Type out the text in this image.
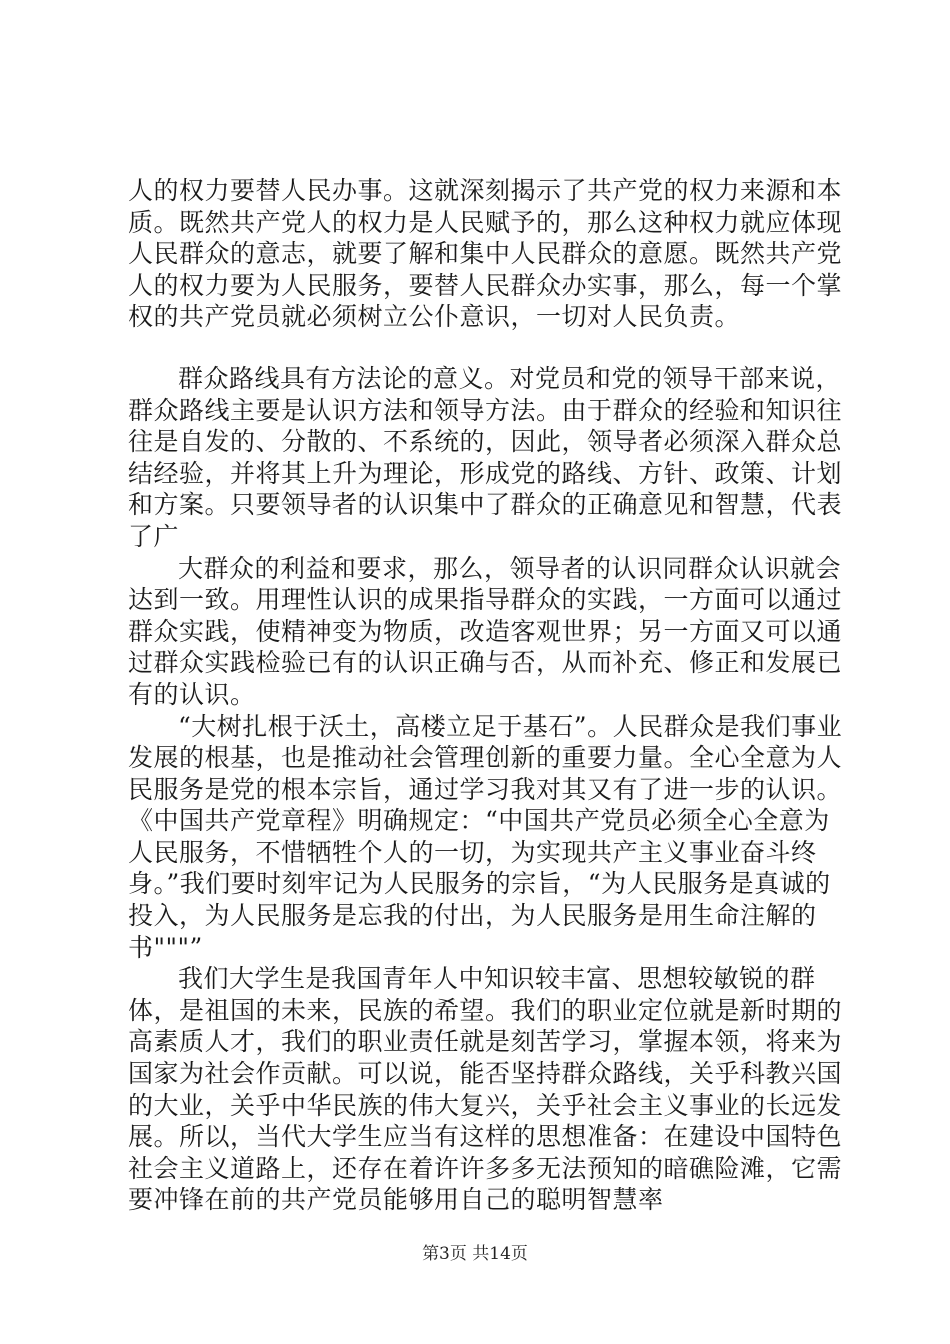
人的权力要替人民办事。这就深刻揭示了共产党的权力来源和本质。既然共产党人的权力是人民赋予的，那么这种权力就应体现人民群众的意志，就要了解和集中人民群众的意愿。既然共产党人的权力要为人民服务，要替人民群众办实事，那么，每一个掌权的共产党员就必须树立公仆意识，一切对人民负责。

群众路线具有方法论的意义。对党员和党的领导干部来说，群众路线主要是认识方法和领导方法。由于群众的经验和知识往往是自发的、分散的、不系统的，因此，领导者必须深入群众总结经验，并将其上升为理论，形成党的路线、方针、政策、计划和方案。只要领导者的认识集中了群众的正确意见和智慧，代表了广

大群众的利益和要求，那么，领导者的认识同群众认识就会达到一致。用理性认识的成果指导群众的实践，一方面可以通过群众实践，使精神变为物质，改造客观世界；另一方面又可以通过群众实践检验已有的认识正确与否，从而补充、修正和发展已有的认识。

“大树扎根于沃土，高楼立足于基石”。人民群众是我们事业发展的根基，也是推动社会管理创新的重要力量。全心全意为人民服务是党的根本宗旨，通过学习我对其又有了进一步的认识。《中国共产党章程》明确规定：“中国共产党员必须全心全意为人民服务，不惜牺牲个人的一切，为实现共产主义事业奋斗终身。”我们要时刻牢记为人民服务的宗旨，“为人民服务是真诚的投入，为人民服务是忘我的付出，为人民服务是用生命注解的书"""”

我们大学生是我国青年人中知识较丰富、思想较敏锐的群体，是祖国的未来，民族的希望。我们的职业定位就是新时期的高素质人才，我们的职业责任就是刻苦学习，掌握本领，将来为国家为社会作贡献。可以说，能否坚持群众路线，关乎科教兴国的大业，关乎中华民族的伟大复兴，关乎社会主义事业的长远发展。所以，当代大学生应当有这样的思想准备：在建设中国特色社会主义道路上，还存在着许许多多无法预知的暗礁险滩，它需要冲锋在前的共产党员能够用自己的聪明智慧率

第3页 共14页
